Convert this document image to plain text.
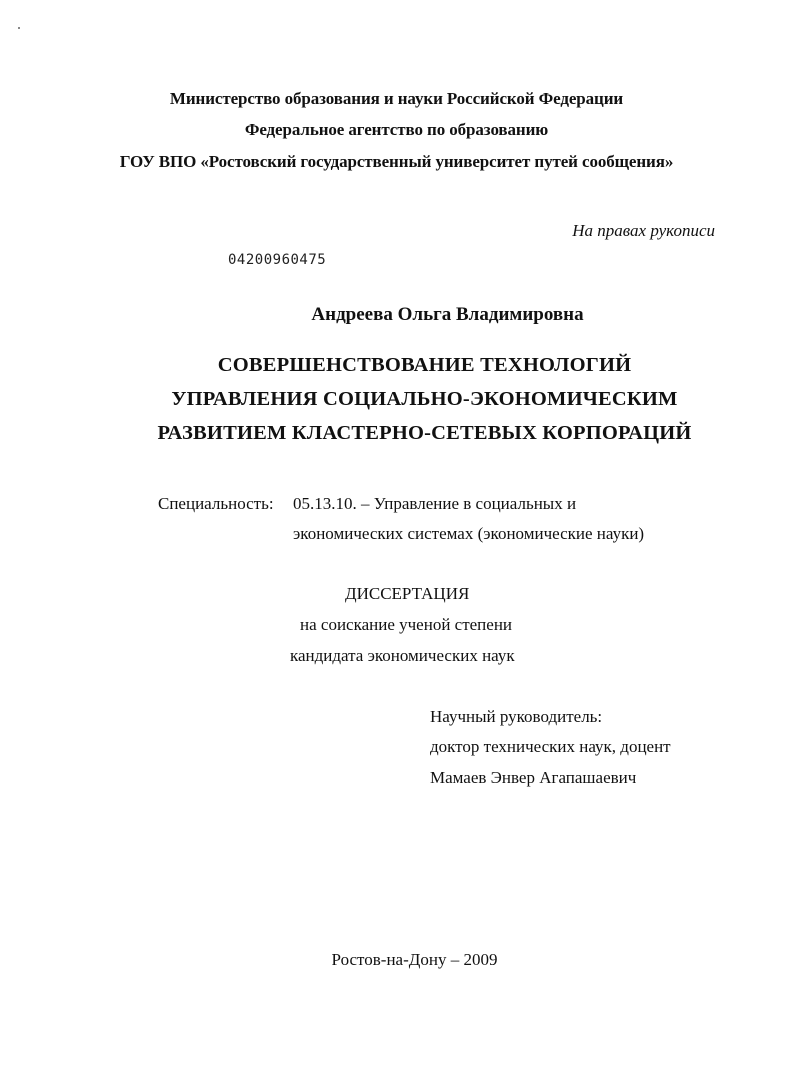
Министерство образования и науки Российской Федерации

Федеральное агентство по образованию

ГОУ ВПО «Ростовский государственный университет путей сообщения»

На правах рукописи

04200960475

Андреева Ольга Владимировна

СОВЕРШЕНСТВОВАНИЕ ТЕХНОЛОГИЙ

УПРАВЛЕНИЯ СОЦИАЛЬНО-ЭКОНОМИЧЕСКИМ

РАЗВИТИЕМ КЛАСТЕРНО-СЕТЕВЫХ КОРПОРАЦИЙ

Специальность: 05.13.10. – Управление в социальных и

экономических системах (экономические науки)

ДИССЕРТАЦИЯ

на соискание ученой степени

кандидата экономических наук

Научный руководитель:

доктор технических наук, доцент

Мамаев Энвер Агапашаевич

Ростов-на-Дону – 2009
